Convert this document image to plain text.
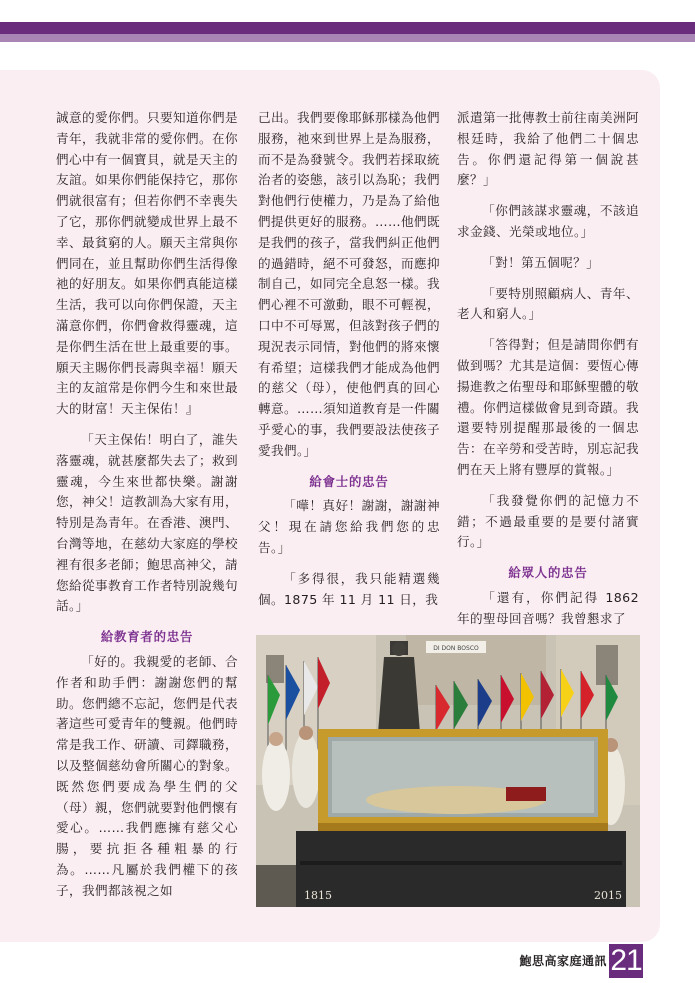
誠意的愛你們。只要知道你們是青年，我就非常的愛你們。在你們心中有一個寶貝，就是天主的友誼。如果你們能保持它，那你們就很富有；但若你們不幸喪失了它，那你們就變成世界上最不幸、最貧窮的人。願天主常與你們同在，並且幫助你們生活得像祂的好朋友。如果你們真能這樣生活，我可以向你們保證，天主滿意你們，你們會救得靈魂，這是你們生活在世上最重要的事。願天主賜你們長壽與幸福！願天主的友誼常是你們今生和來世最大的財富！天主保佑！』

「天主保佑！明白了，誰失落靈魂，就甚麼都失去了；救到靈魂，今生來世都快樂。謝謝您，神父！這教訓為大家有用，特別是為青年。在香港、澳門、台灣等地，在慈幼大家庭的學校裡有很多老師；鮑思高神父，請您給從事教育工作者特別說幾句話。」

給教育者的忠告

「好的。我親愛的老師、合作者和助手們：謝謝您們的幫助。您們總不忘記，您們是代表著這些可愛青年的雙親。他們時常是我工作、研讀、司鐸職務，以及整個慈幼會所關心的對象。既然您們要成為學生們的父（母）親，您們就要對他們懷有愛心。……我們應擁有慈父心腸，要抗拒各種粗暴的行為。……凡屬於我們權下的孩子，我們都該視之如

己出。我們要像耶穌那樣為他們服務，祂來到世界上是為服務，而不是為發號令。我們若採取統治者的姿態，該引以為恥；我們對他們行使權力，乃是為了給他們提供更好的服務。……他們既是我們的孩子，當我們糾正他們的過錯時，絕不可發怒，而應抑制自己，如同完全息怒一樣。我們心裡不可激動，眼不可輕視，口中不可辱罵，但該對孩子們的現況表示同情，對他們的將來懷有希望；這樣我們才能成為他們的慈父（母），使他們真的回心轉意。……須知道教育是一件關乎愛心的事，我們要設法使孩子愛我們。」

給會士的忠告

「嘩！真好！謝謝，謝謝神父！現在請您給我們您的忠告。」

「多得很，我只能精選幾個。1875 年 11 月 11 日，我

派遣第一批傳教士前往南美洲阿根廷時，我給了他們二十個忠告。你們還記得第一個說甚麼？」

「你們該謀求靈魂，不該追求金錢、光榮或地位。」

「對！第五個呢？」

「要特別照顧病人、青年、老人和窮人。」

「答得對；但是請問你們有做到嗎？尤其是這個：要恆心傳揚進教之佑聖母和耶穌聖體的敬禮。你們這樣做會見到奇蹟。我還要特別提醒那最後的一個忠告：在辛勞和受苦時，別忘記我們在天上將有豐厚的賞報。」

「我發覺你們的記憶力不錯；不過最重要的是要付諸實行。」

給眾人的忠告

「還有，你們記得 1862 年的聖母回音嗎？我曾懇求了

DI DON BOSCO
1815	2015
鮑思高家庭通訊 21
